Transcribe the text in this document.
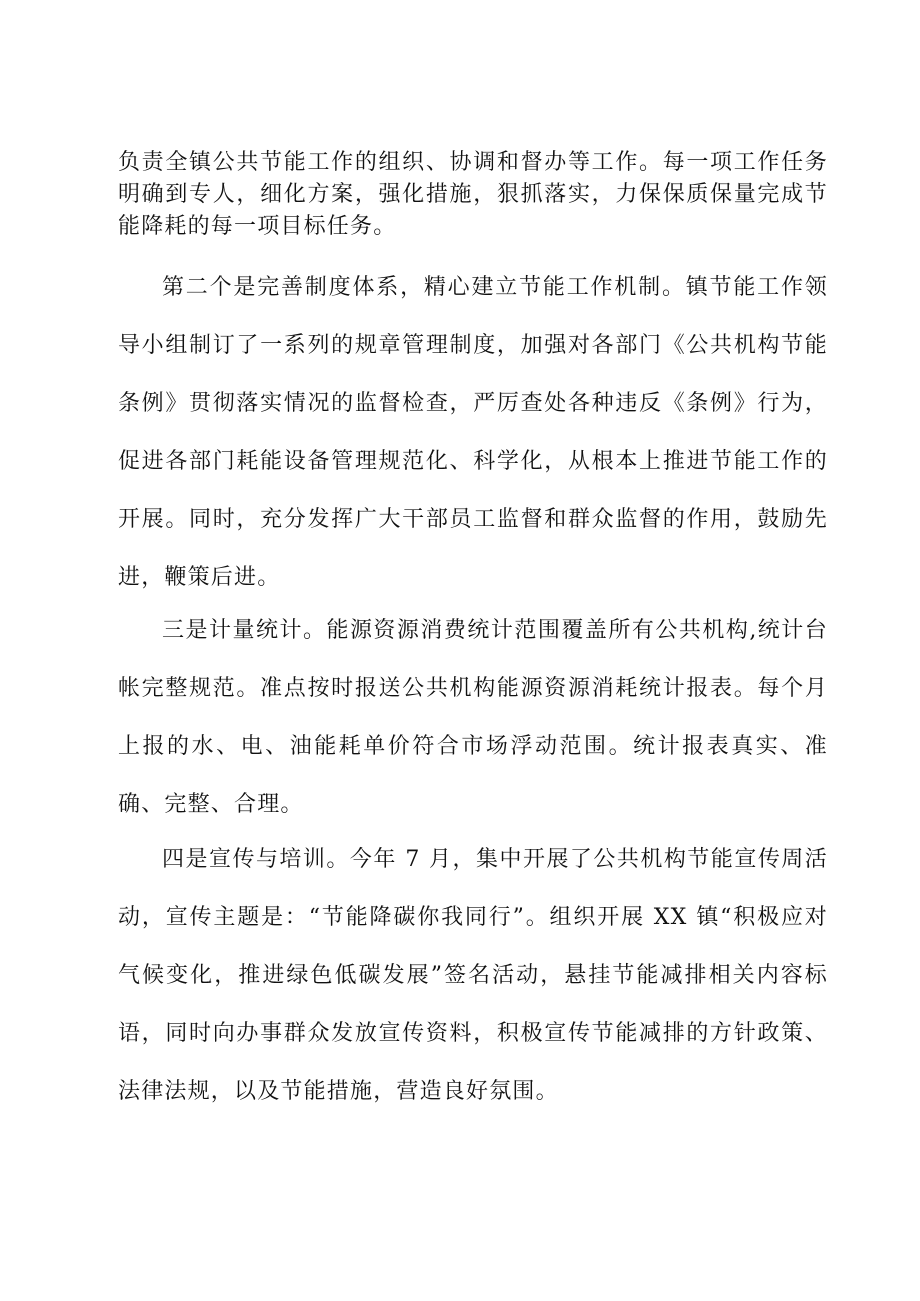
负责全镇公共节能工作的组织、协调和督办等工作。每一项工作任务明确到专人，细化方案，强化措施，狠抓落实，力保保质保量完成节能降耗的每一项目标任务。

第二个是完善制度体系，精心建立节能工作机制。镇节能工作领导小组制订了一系列的规章管理制度，加强对各部门《公共机构节能条例》贯彻落实情况的监督检查，严厉查处各种违反《条例》行为，促进各部门耗能设备管理规范化、科学化，从根本上推进节能工作的开展。同时，充分发挥广大干部员工监督和群众监督的作用，鼓励先进，鞭策后进。

三是计量统计。能源资源消费统计范围覆盖所有公共机构,统计台帐完整规范。准点按时报送公共机构能源资源消耗统计报表。每个月上报的水、电、油能耗单价符合市场浮动范围。统计报表真实、准确、完整、合理。

四是宣传与培训。今年 7 月，集中开展了公共机构节能宣传周活动，宣传主题是：“节能降碳你我同行”。组织开展 XX 镇“积极应对气候变化，推进绿色低碳发展”签名活动，悬挂节能减排相关内容标语，同时向办事群众发放宣传资料，积极宣传节能减排的方针政策、法律法规，以及节能措施，营造良好氛围。
